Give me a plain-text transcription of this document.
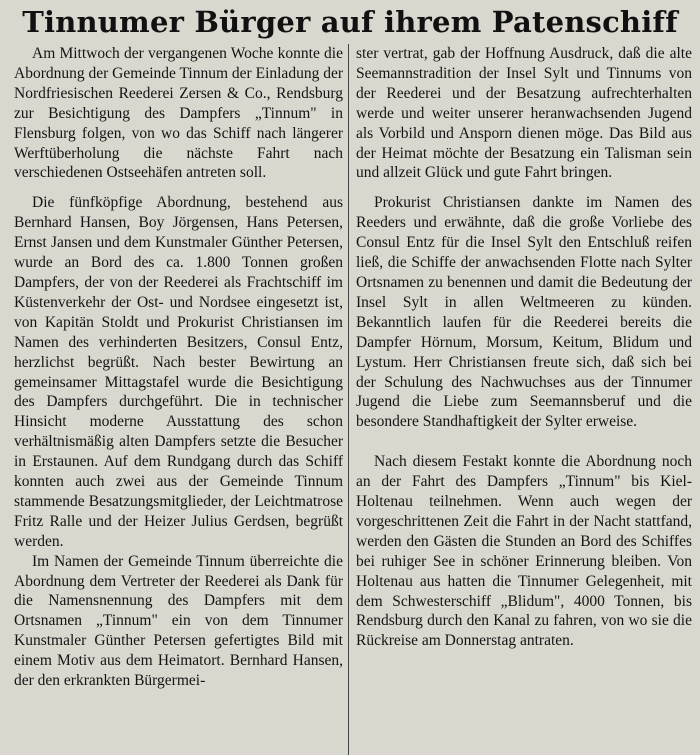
Tinnumer Bürger auf ihrem Patenschiff

Am Mittwoch der vergangenen Woche konnte die Abordnung der Gemeinde Tinnum der Einladung der Nordfriesischen Reederei Zersen & Co., Rendsburg zur Besichtigung des Dampfers „Tinnum" in Flensburg folgen, von wo das Schiff nach längerer Werftüberholung die nächste Fahrt nach verschiedenen Ostseehäfen antreten soll.

Die fünfköpfige Abordnung, bestehend aus Bernhard Hansen, Boy Jörgensen, Hans Petersen, Ernst Jansen und dem Kunstmaler Günther Petersen, wurde an Bord des ca. 1.800 Tonnen großen Dampfers, der von der Reederei als Frachtschiff im Küstenverkehr der Ost- und Nordsee eingesetzt ist, von Kapitän Stoldt und Prokurist Christiansen im Namen des verhinderten Besitzers, Consul Entz, herzlichst begrüßt. Nach bester Bewirtung an gemeinsamer Mittagstafel wurde die Besichtigung des Dampfers durchgeführt. Die in technischer Hinsicht moderne Ausstattung des schon verhältnismäßig alten Dampfers setzte die Besucher in Erstaunen. Auf dem Rundgang durch das Schiff konnten auch zwei aus der Gemeinde Tinnum stammende Besatzungsmitglieder, der Leichtmatrose Fritz Ralle und der Heizer Julius Gerdsen, begrüßt werden.

Im Namen der Gemeinde Tinnum überreichte die Abordnung dem Vertreter der Reederei als Dank für die Namensnennung des Dampfers mit dem Ortsnamen „Tinnum" ein von dem Tinnumer Kunstmaler Günther Petersen gefertigtes Bild mit einem Motiv aus dem Heimatort. Bernhard Hansen, der den erkrankten Bürgermei-

ster vertrat, gab der Hoffnung Ausdruck, daß die alte Seemannstradition der Insel Sylt und Tinnums von der Reederei und der Besatzung aufrechterhalten werde und weiter unserer heranwachsenden Jugend als Vorbild und Ansporn dienen möge. Das Bild aus der Heimat möchte der Besatzung ein Talisman sein und allzeit Glück und gute Fahrt bringen.

Prokurist Christiansen dankte im Namen des Reeders und erwähnte, daß die große Vorliebe des Consul Entz für die Insel Sylt den Entschluß reifen ließ, die Schiffe der anwachsenden Flotte nach Sylter Ortsnamen zu benennen und damit die Bedeutung der Insel Sylt in allen Weltmeeren zu künden. Bekanntlich laufen für die Reederei bereits die Dampfer Hörnum, Morsum, Keitum, Blidum und Lystum. Herr Christiansen freute sich, daß sich bei der Schulung des Nachwuchses aus der Tinnumer Jugend die Liebe zum Seemannsberuf und die besondere Standhaftigkeit der Sylter erweise.

Nach diesem Festakt konnte die Abordnung noch an der Fahrt des Dampfers „Tinnum" bis Kiel-Holtenau teilnehmen. Wenn auch wegen der vorgeschrittenen Zeit die Fahrt in der Nacht stattfand, werden den Gästen die Stunden an Bord des Schiffes bei ruhiger See in schöner Erinnerung bleiben. Von Holtenau aus hatten die Tinnumer Gelegenheit, mit dem Schwesterschiff „Blidum", 4000 Tonnen, bis Rendsburg durch den Kanal zu fahren, von wo sie die Rückreise am Donnerstag antraten.
